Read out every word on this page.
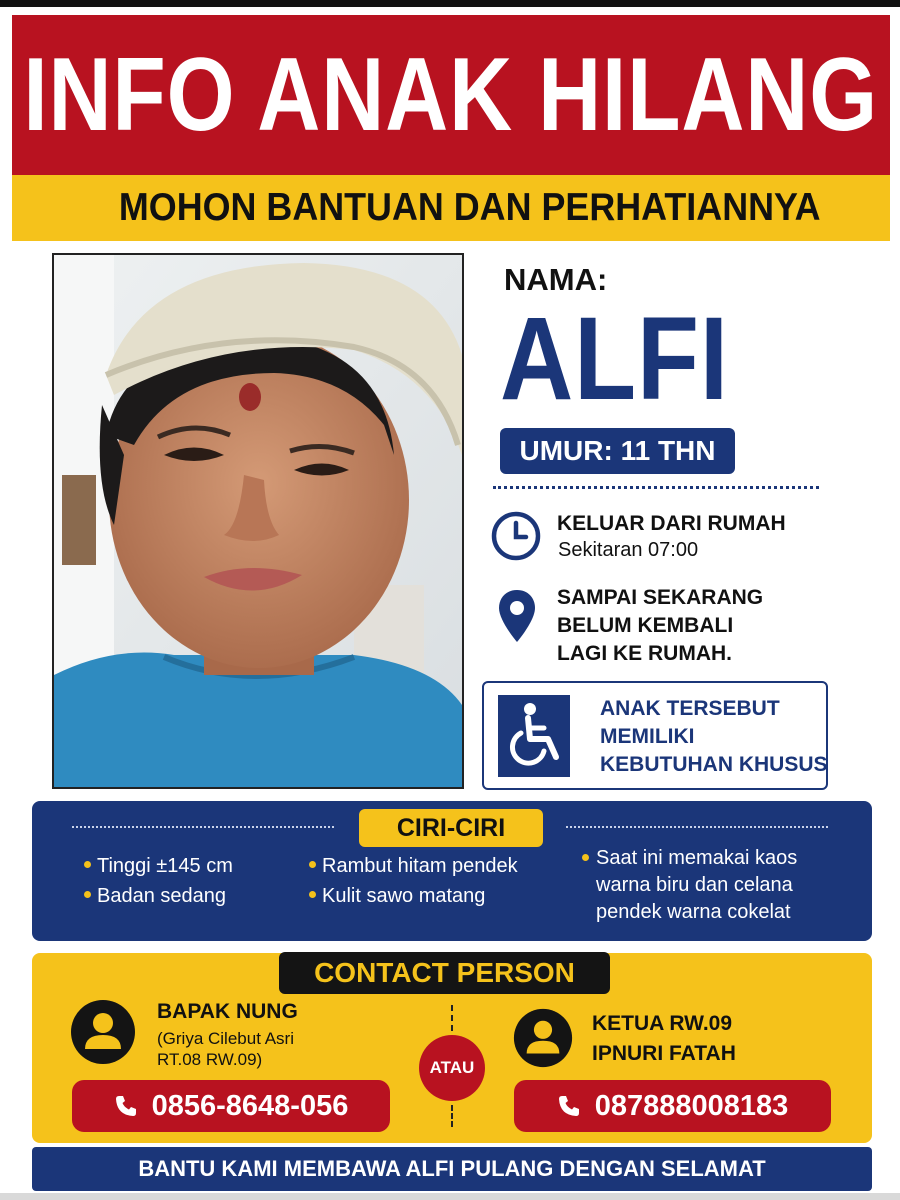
INFO ANAK HILANG
MOHON BANTUAN DAN PERHATIANNYA
NAMA:
ALFI
UMUR: 11 THN
KELUAR DARI RUMAH
Sekitaran 07:00
SAMPAI SEKARANG
BELUM KEMBALI
LAGI KE RUMAH.
ANAK TERSEBUT
MEMILIKI
KEBUTUHAN KHUSUS
CIRI-CIRI
Tinggi ±145 cm
Badan sedang
Rambut hitam pendek
Kulit sawo matang
Saat ini memakai kaos
warna biru dan celana
pendek warna cokelat
CONTACT PERSON
BAPAK NUNG
(Griya Cilebut Asri
RT.08 RW.09)
0856-8648-056
ATAU
KETUA RW.09
IPNURI FATAH
087888008183
BANTU KAMI MEMBAWA ALFI PULANG DENGAN SELAMAT
